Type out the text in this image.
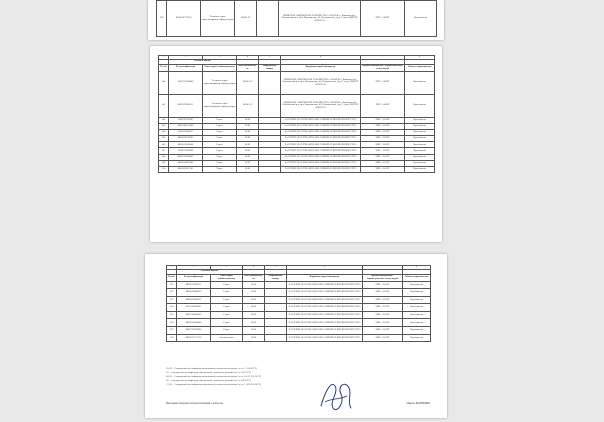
139	8028576772658	Тепличні сорти партенокарпічні гібриди огірка	249/01.22		ПРИВАТНЕ АКЦІОНЕРНЕ ТОВАРИСТВО «АПОЛЛО», Київська обл., Обухівський р-н, вул. Ворошилова, 46 (Гетьманська), буд. 2, (код ЄДРПОУ 20932161)	ЗНЕС - 8436Т	Чернігівська
1	2	3	4	5	6	7	8
	Насіння партія						
№ п/п	№ ідентифікатора	Опис партії (найменування)	Вага (кількість), кг	Маркування товару	Виробник партії (імпортер)	Країна походження / характеристика стану партії	Область призначення
140	5002572768402	Тепличні сорти партенокарпічні гібриди огірка	249/01.22		ПРИВАТНЕ АКЦІОНЕРНЕ ТОВАРИСТВО «АПОЛЛО», Київська обл., Обухівський р-н, вул. Ворошилова, 46 (Гетьманська), буд. 2, (код ЄДРПОУ 20932161)	ЗНЕС - 8436Т	Чернігівська
141	8028579665611	Тепличні сорти партенокарпічні гібриди огірка	249/01.22		ПРИВАТНЕ АКЦІОНЕРНЕ ТОВАРИСТВО «АПОЛЛО», Київська обл., Обухівський р-н, вул. Ворошилова, 46 (Гетьманська), буд. 2, (код ЄДРПОУ 20932161)	ЗНЕС - 8436Т	Чернігівська
142	5348735783287	Горох	20/02		ZAO TKHP (ZAO TIRASPOLSKE COMBINAT KHLIBOPRODUCTIV)	МВС - 20/ПУ	Чернігівська
143	8820538251668	Горох	20/02		ZAO TKHP (ZAO TIRASPOLSKE COMBINAT KHLIBOPRODUCTIV)	МВС - 20/ПУ	Чернігівська
144	5343536640117	Горох	20/02		ZAO TKHP (ZAO TIRASPOLSKE COMBINAT KHLIBOPRODUCTIV)	МВС - 20/ПУ	Чернігівська
145	8820816576683	Горох	20/02		ZAO TKHP (ZAO TIRASPOLSKE COMBINAT KHLIBOPRODUCTIV)	МВС - 20/ПУ	Чернігівська
146	8820611683008	Горох	20/02		ZAO TKHP (ZAO TIRASPOLSKE COMBINAT KHLIBOPRODUCTIV)	МВС - 20/ПУ	Чернігівська
147	5348527883289	Горох	20/02		ZAO TKHP (ZAO TIRASPOLSKE COMBINAT KHLIBOPRODUCTIV)	МВС - 20/ПУ	Чернігівська
148	8428612203643	Горох	20/02		ZAO TKHP (ZAO TIRASPOLSKE COMBINAT KHLIBOPRODUCTIV)	МВС - 20/ПУ	Чернігівська
149	8820614879282	Горох	20/02		ZAO TKHP (ZAO TIRASPOLSKE COMBINAT KHLIBOPRODUCTIV)	МВС - 20/ПУ	Чернігівська
150	8820622607141	Горох	20/02		ZAO TKHP (ZAO TIRASPOLSKE COMBINAT KHLIBOPRODUCTIV)	МВС - 20/ПУ	Чернігівська
1	2	3	4	5	6	7	8
	Насіння партія						
№ п/п	№ ідентифікатора	Опис партії (найменування)	Вага (кількість), кг	Маркування товару	Виробник партії (імпортер)	Країна походження / характеристика стану партії	Область призначення
151	8820612260671	Горох	20/02		ZAO TKHP (ZAO TIRASPOLSKE COMBINAT KHLIBOPRODUCTIV)	МВС - 20/ПУ	Чернігівська
152	8820614040039	Горох	20/02		ZAO TKHP (ZAO TIRASPOLSKE COMBINAT KHLIBOPRODUCTIV)	МВС - 20/ПУ	Чернігівська
153	8820612300011	Горох	20/02		ZAO TKHP (ZAO TIRASPOLSKE COMBINAT KHLIBOPRODUCTIV)	МВС - 20/ПУ	Чернігівська
154	8332123460001	Горох	20/02		ZAO TKHP (ZAO TIRASPOLSKE COMBINAT KHLIBOPRODUCTIV)	МВС - 20/ПУ	Чернігівська
155	8820716403602	Горох	20/02		ZAO TKHP (ZAO TIRASPOLSKE COMBINAT KHLIBOPRODUCTIV)	МВС - 20/ПУ	Чернігівська
156	8820612604000	Горох	20/02		ZAO TKHP (ZAO TIRASPOLSKE COMBINAT KHLIBOPRODUCTIV)	МВС - 20/ПУ	Чернігівська
157	8820713378000	Горох	20/02		ZAO TKHP (ZAO TIRASPOLSKE COMBINAT KHLIBOPRODUCTIV)	МВС - 20/ПУ	Чернігівська
158	8820617172319	Зелений горох	20/02		ZAO TKHP (ZAO TIRASPOLSKE COMBINAT KHLIBOPRODUCTIV)	МВС - 20/ПУ	Чернігівська
(1) (2) – Стандартний ідентифікатор національний, номінальна речовина (за ст.1 – 2/4/18 ГУ)
(3) – Стандартний ідентифікатор національний, номінальна речовина (за ст. 2/4/18 ГУ)
(4) (5) – Стандартний ідентифікатор національний, номінальна речовина (за ст. 2/4/12, 2/4/18 ГУ)
(6) – Стандартний ідентифікатор національний, номінальна речовина (за ст. 2/4/18 ГУ)
(7) (8) – Стандартний ідентифікатор національний, номінальна речовина (за ст. 2, 4/0/12/4/18 ГУ)
Начальник Окружної обласної інспекції з контролю	Микола МАРЧЕНКО
